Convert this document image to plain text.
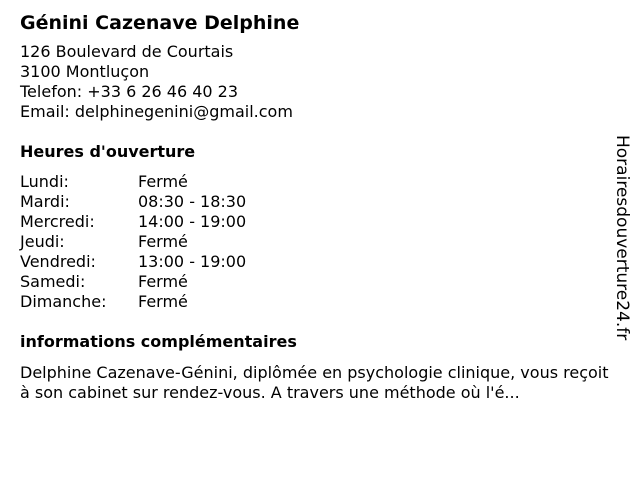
Génini Cazenave Delphine
126 Boulevard de Courtais
3100 Montluçon
Telefon: +33 6 26 46 40 23
Email: delphinegenini@gmail.com
Heures d'ouverture
Lundi:	Fermé
Mardi:	08:30 - 18:30
Mercredi:	14:00 - 19:00
Jeudi:	Fermé
Vendredi:	13:00 - 19:00
Samedi:	Fermé
Dimanche:	Fermé
informations complémentaires
Delphine Cazenave-Génini, diplômée en psychologie clinique, vous reçoit à son cabinet sur rendez-vous. A travers une méthode où l'é...
Horairesdouverture24.fr
